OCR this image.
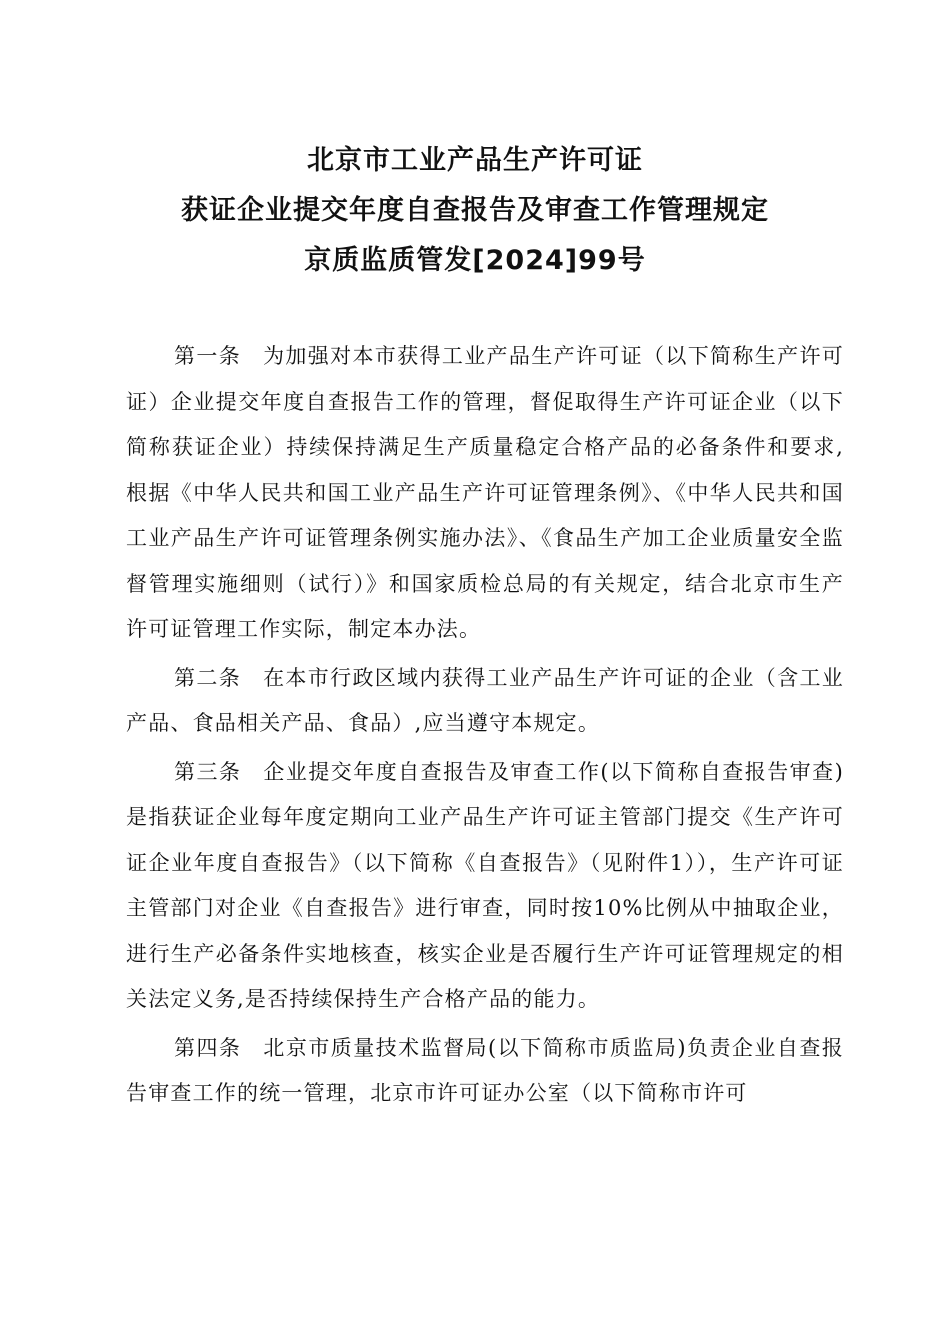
北京市工业产品生产许可证
获证企业提交年度自查报告及审查工作管理规定
京质监质管发[2024]99号

第一条 为加强对本市获得工业产品生产许可证（以下简称生产许可证）企业提交年度自查报告工作的管理，督促取得生产许可证企业（以下简称获证企业）持续保持满足生产质量稳定合格产品的必备条件和要求,根据《中华人民共和国工业产品生产许可证管理条例》、《中华人民共和国工业产品生产许可证管理条例实施办法》、《食品生产加工企业质量安全监督管理实施细则（试行）》和国家质检总局的有关规定，结合北京市生产许可证管理工作实际，制定本办法。

第二条 在本市行政区域内获得工业产品生产许可证的企业（含工业产品、食品相关产品、食品）,应当遵守本规定。

第三条 企业提交年度自查报告及审查工作(以下简称自查报告审查)是指获证企业每年度定期向工业产品生产许可证主管部门提交《生产许可证企业年度自查报告》（以下简称《自查报告》（见附件1）），生产许可证主管部门对企业《自查报告》进行审查，同时按10%比例从中抽取企业，进行生产必备条件实地核查，核实企业是否履行生产许可证管理规定的相关法定义务,是否持续保持生产合格产品的能力。

第四条 北京市质量技术监督局(以下简称市质监局)负责企业自查报告审查工作的统一管理，北京市许可证办公室（以下简称市许可
